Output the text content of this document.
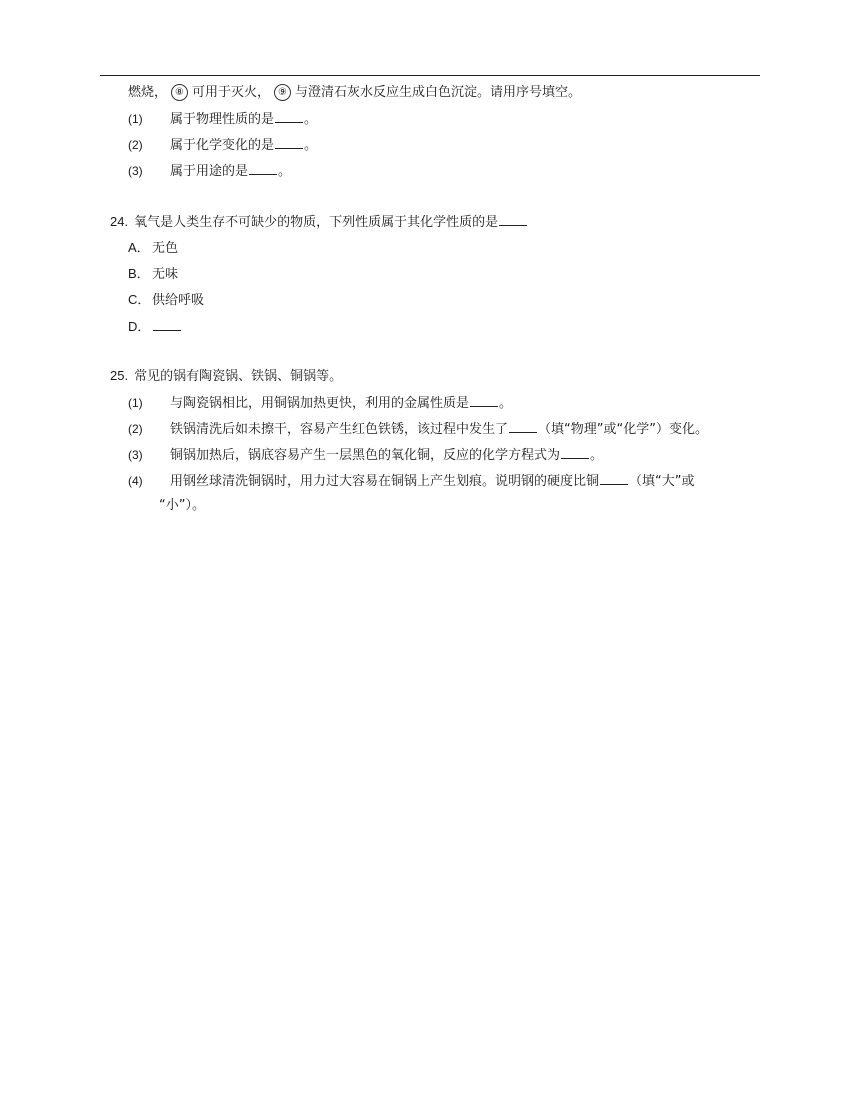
燃烧， ⑧ 可用于灭火， ⑨ 与澄清石灰水反应生成白色沉淀。请用序号填空。
(1) 属于物理性质的是 。
(2) 属于化学变化的是 。
(3) 属于用途的是 。
24. 氧气是人类生存不可缺少的物质，下列性质属于其化学性质的是
A． 无色
B． 无味
C． 供给呼吸
D．
25. 常见的锅有陶瓷锅、铁锅、铜锅等。
(1) 与陶瓷锅相比，用铜锅加热更快，利用的金属性质是 。
(2) 铁锅清洗后如未擦干，容易产生红色铁锈，该过程中发生了 （填“物理”或“化学”）变化。
(3) 铜锅加热后，锅底容易产生一层黑色的氧化铜，反应的化学方程式为 。
(4) 用钢丝球清洗铜锅时，用力过大容易在铜锅上产生划痕。说明钢的硬度比铜 （填“大”或
“小”）。
